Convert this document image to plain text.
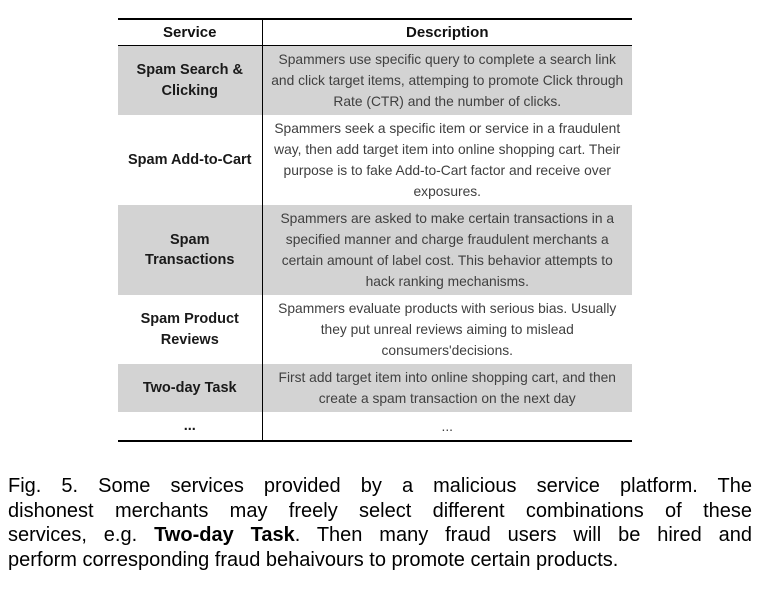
Service	Description
Spam Search & Clicking	Spammers use specific query to complete a search link and click target items, attemping to promote Click through Rate (CTR) and the number of clicks.
Spam Add-to-Cart	Spammers seek a specific item or service in a fraudulent way, then add target item into online shopping cart. Their purpose is to fake Add-to-Cart factor and receive over exposures.
Spam Transactions	Spammers are asked to make certain transactions in a specified manner and charge fraudulent merchants a certain amount of label cost. This behavior attempts to hack ranking mechanisms.
Spam Product Reviews	Spammers evaluate products with serious bias. Usually they put unreal reviews aiming to mislead consumers'decisions.
Two-day Task	First add target item into online shopping cart, and then create a spam transaction on the next day
...	...
Fig. 5. Some services provided by a malicious service platform. The
dishonest merchants may freely select different combinations of these
services, e.g. Two-day Task. Then many fraud users will be hired and
perform corresponding fraud behaivours to promote certain products.
